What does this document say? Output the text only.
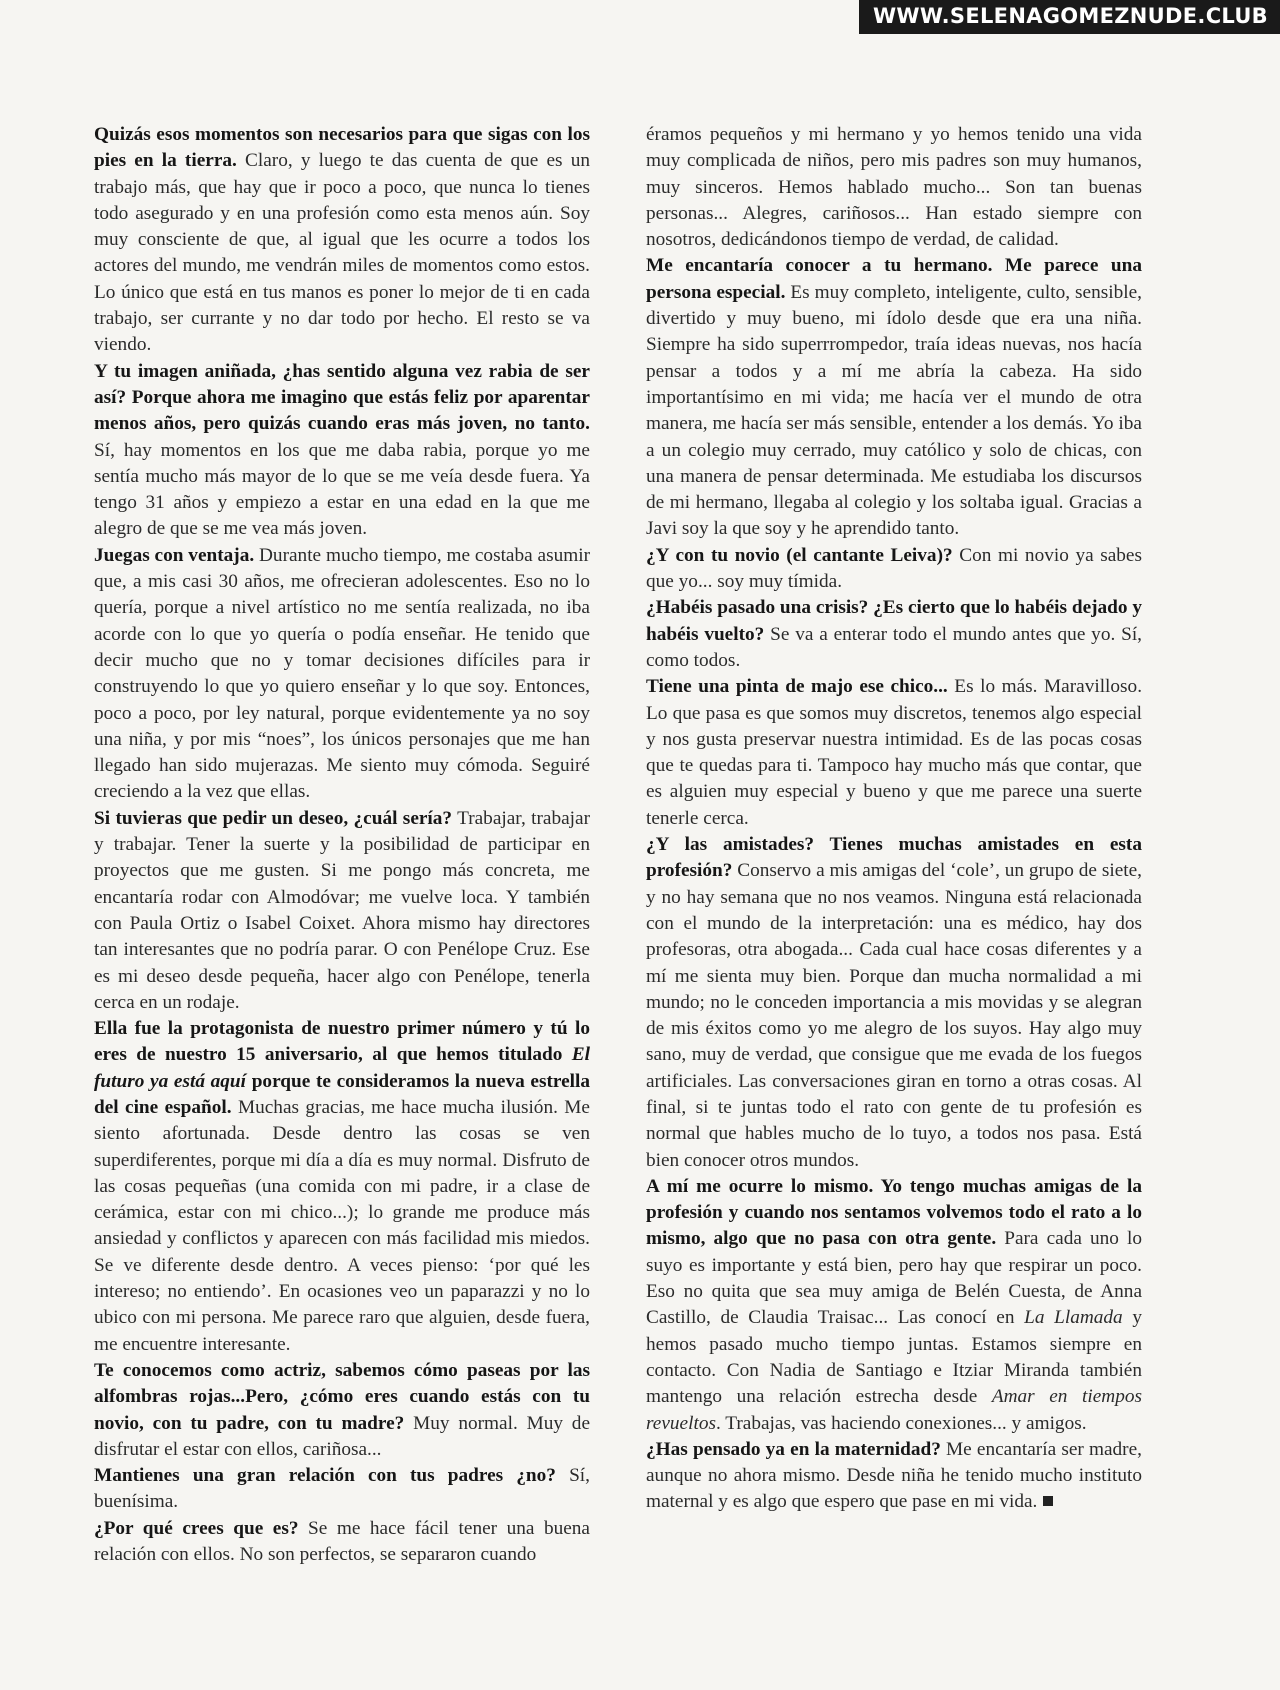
WWW.SELENAGOMEZNUDE.CLUB

Quizás esos momentos son necesarios para que sigas con los pies en la tierra. Claro, y luego te das cuenta de que es un trabajo más, que hay que ir poco a poco, que nunca lo tienes todo asegurado y en una profesión como esta menos aún. Soy muy consciente de que, al igual que les ocurre a todos los actores del mundo, me vendrán miles de momentos como estos. Lo único que está en tus manos es poner lo mejor de ti en cada trabajo, ser currante y no dar todo por hecho. El resto se va viendo.

Y tu imagen aniñada, ¿has sentido alguna vez rabia de ser así? Porque ahora me imagino que estás feliz por aparentar menos años, pero quizás cuando eras más joven, no tanto. Sí, hay momentos en los que me daba rabia, porque yo me sentía mucho más mayor de lo que se me veía desde fuera. Ya tengo 31 años y empiezo a estar en una edad en la que me alegro de que se me vea más joven.

Juegas con ventaja. Durante mucho tiempo, me costaba asumir que, a mis casi 30 años, me ofrecieran adolescentes. Eso no lo quería, porque a nivel artístico no me sentía realizada, no iba acorde con lo que yo quería o podía enseñar. He tenido que decir mucho que no y tomar decisiones difíciles para ir construyendo lo que yo quiero enseñar y lo que soy. Entonces, poco a poco, por ley natural, porque evidentemente ya no soy una niña, y por mis “noes”, los únicos personajes que me han llegado han sido mujerazas. Me siento muy cómoda. Seguiré creciendo a la vez que ellas.

Si tuvieras que pedir un deseo, ¿cuál sería? Trabajar, trabajar y trabajar. Tener la suerte y la posibilidad de participar en proyectos que me gusten. Si me pongo más concreta, me encantaría rodar con Almodóvar; me vuelve loca. Y también con Paula Ortiz o Isabel Coixet. Ahora mismo hay directores tan interesantes que no podría parar. O con Penélope Cruz. Ese es mi deseo desde pequeña, hacer algo con Penélope, tenerla cerca en un rodaje.

Ella fue la protagonista de nuestro primer número y tú lo eres de nuestro 15 aniversario, al que hemos titulado El futuro ya está aquí porque te consideramos la nueva estrella del cine español. Muchas gracias, me hace mucha ilusión. Me siento afortunada. Desde dentro las cosas se ven superdiferentes, porque mi día a día es muy normal. Disfruto de las cosas pequeñas (una comida con mi padre, ir a clase de cerámica, estar con mi chico...); lo grande me produce más ansiedad y conflictos y aparecen con más facilidad mis miedos. Se ve diferente desde dentro. A veces pienso: ‘por qué les intereso; no entiendo’. En ocasiones veo un paparazzi y no lo ubico con mi persona. Me parece raro que alguien, desde fuera, me encuentre interesante.

Te conocemos como actriz, sabemos cómo paseas por las alfombras rojas...Pero, ¿cómo eres cuando estás con tu novio, con tu padre, con tu madre? Muy normal. Muy de disfrutar el estar con ellos, cariñosa...

Mantienes una gran relación con tus padres ¿no? Sí, buenísima.

¿Por qué crees que es? Se me hace fácil tener una buena relación con ellos. No son perfectos, se separaron cuando

éramos pequeños y mi hermano y yo hemos tenido una vida muy complicada de niños, pero mis padres son muy humanos, muy sinceros. Hemos hablado mucho... Son tan buenas personas... Alegres, cariñosos... Han estado siempre con nosotros, dedicándonos tiempo de verdad, de calidad.

Me encantaría conocer a tu hermano. Me parece una persona especial. Es muy completo, inteligente, culto, sensible, divertido y muy bueno, mi ídolo desde que era una niña. Siempre ha sido superrrompedor, traía ideas nuevas, nos hacía pensar a todos y a mí me abría la cabeza. Ha sido importantísimo en mi vida; me hacía ver el mundo de otra manera, me hacía ser más sensible, entender a los demás. Yo iba a un colegio muy cerrado, muy católico y solo de chicas, con una manera de pensar determinada. Me estudiaba los discursos de mi hermano, llegaba al colegio y los soltaba igual. Gracias a Javi soy la que soy y he aprendido tanto.

¿Y con tu novio (el cantante Leiva)? Con mi novio ya sabes que yo... soy muy tímida.

¿Habéis pasado una crisis? ¿Es cierto que lo habéis dejado y habéis vuelto? Se va a enterar todo el mundo antes que yo. Sí, como todos.

Tiene una pinta de majo ese chico... Es lo más. Maravilloso. Lo que pasa es que somos muy discretos, tenemos algo especial y nos gusta preservar nuestra intimidad. Es de las pocas cosas que te quedas para ti. Tampoco hay mucho más que contar, que es alguien muy especial y bueno y que me parece una suerte tenerle cerca.

¿Y las amistades? Tienes muchas amistades en esta profesión? Conservo a mis amigas del ‘cole’, un grupo de siete, y no hay semana que no nos veamos. Ninguna está relacionada con el mundo de la interpretación: una es médico, hay dos profesoras, otra abogada... Cada cual hace cosas diferentes y a mí me sienta muy bien. Porque dan mucha normalidad a mi mundo; no le conceden importancia a mis movidas y se alegran de mis éxitos como yo me alegro de los suyos. Hay algo muy sano, muy de verdad, que consigue que me evada de los fuegos artificiales. Las conversaciones giran en torno a otras cosas. Al final, si te juntas todo el rato con gente de tu profesión es normal que hables mucho de lo tuyo, a todos nos pasa. Está bien conocer otros mundos.

A mí me ocurre lo mismo. Yo tengo muchas amigas de la profesión y cuando nos sentamos volvemos todo el rato a lo mismo, algo que no pasa con otra gente. Para cada uno lo suyo es importante y está bien, pero hay que respirar un poco. Eso no quita que sea muy amiga de Belén Cuesta, de Anna Castillo, de Claudia Traisac... Las conocí en La Llamada y hemos pasado mucho tiempo juntas. Estamos siempre en contacto. Con Nadia de Santiago e Itziar Miranda también mantengo una relación estrecha desde Amar en tiempos revueltos. Trabajas, vas haciendo conexiones... y amigos.

¿Has pensado ya en la maternidad? Me encantaría ser madre, aunque no ahora mismo. Desde niña he tenido mucho instituto maternal y es algo que espero que pase en mi vida.
